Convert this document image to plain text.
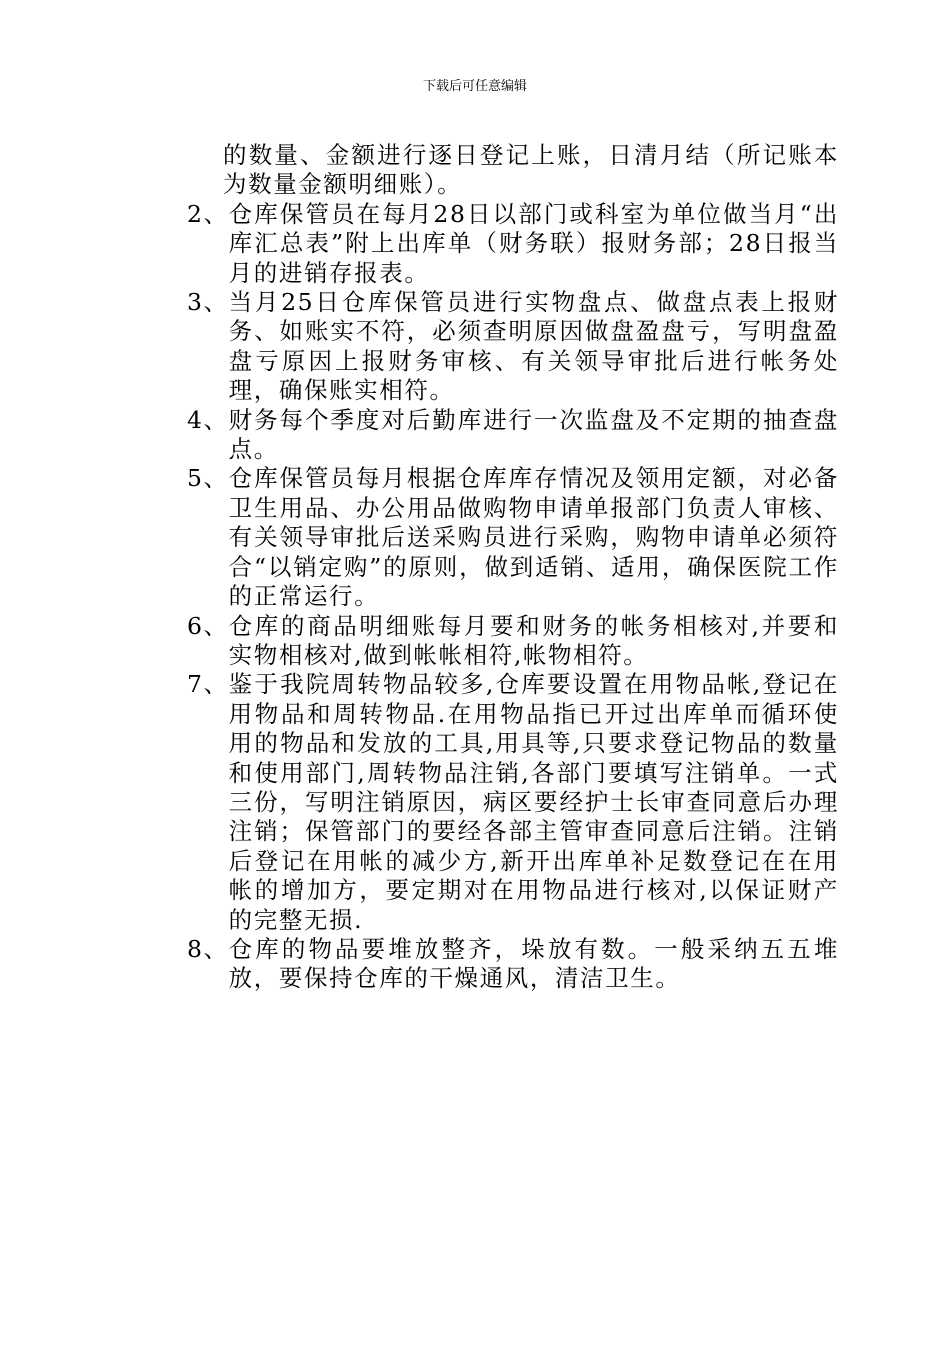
下载后可任意编辑
的数量、金额进行逐日登记上账，日清月结（所记账本为数量金额明细账）。
2、 仓库保管员在每月28日以部门或科室为单位做当月“出库汇总表”附上出库单（财务联）报财务部；28日报当月的进销存报表。
3、 当月25日仓库保管员进行实物盘点、做盘点表上报财务、如账实不符，必须查明原因做盘盈盘亏，写明盘盈盘亏原因上报财务审核、有关领导审批后进行帐务处理，确保账实相符。
4、 财务每个季度对后勤库进行一次监盘及不定期的抽查盘点。
5、 仓库保管员每月根据仓库库存情况及领用定额，对必备卫生用品、办公用品做购物申请单报部门负责人审核、有关领导审批后送采购员进行采购，购物申请单必须符合“以销定购”的原则，做到适销、适用，确保医院工作的正常运行。
6、 仓库的商品明细账每月要和财务的帐务相核对,并要和实物相核对,做到帐帐相符,帐物相符。
7、 鉴于我院周转物品较多,仓库要设置在用物品帐,登记在用物品和周转物品.在用物品指已开过出库单而循环使用的物品和发放的工具,用具等,只要求登记物品的数量和使用部门,周转物品注销,各部门要填写注销单。一式三份，写明注销原因，病区要经护士长审查同意后办理注销；保管部门的要经各部主管审查同意后注销。注销后登记在用帐的减少方,新开出库单补足数登记在在用帐的增加方，要定期对在用物品进行核对,以保证财产的完整无损.
8、 仓库的物品要堆放整齐，垛放有数。一般采纳五五堆放，要保持仓库的干燥通风，清洁卫生。
